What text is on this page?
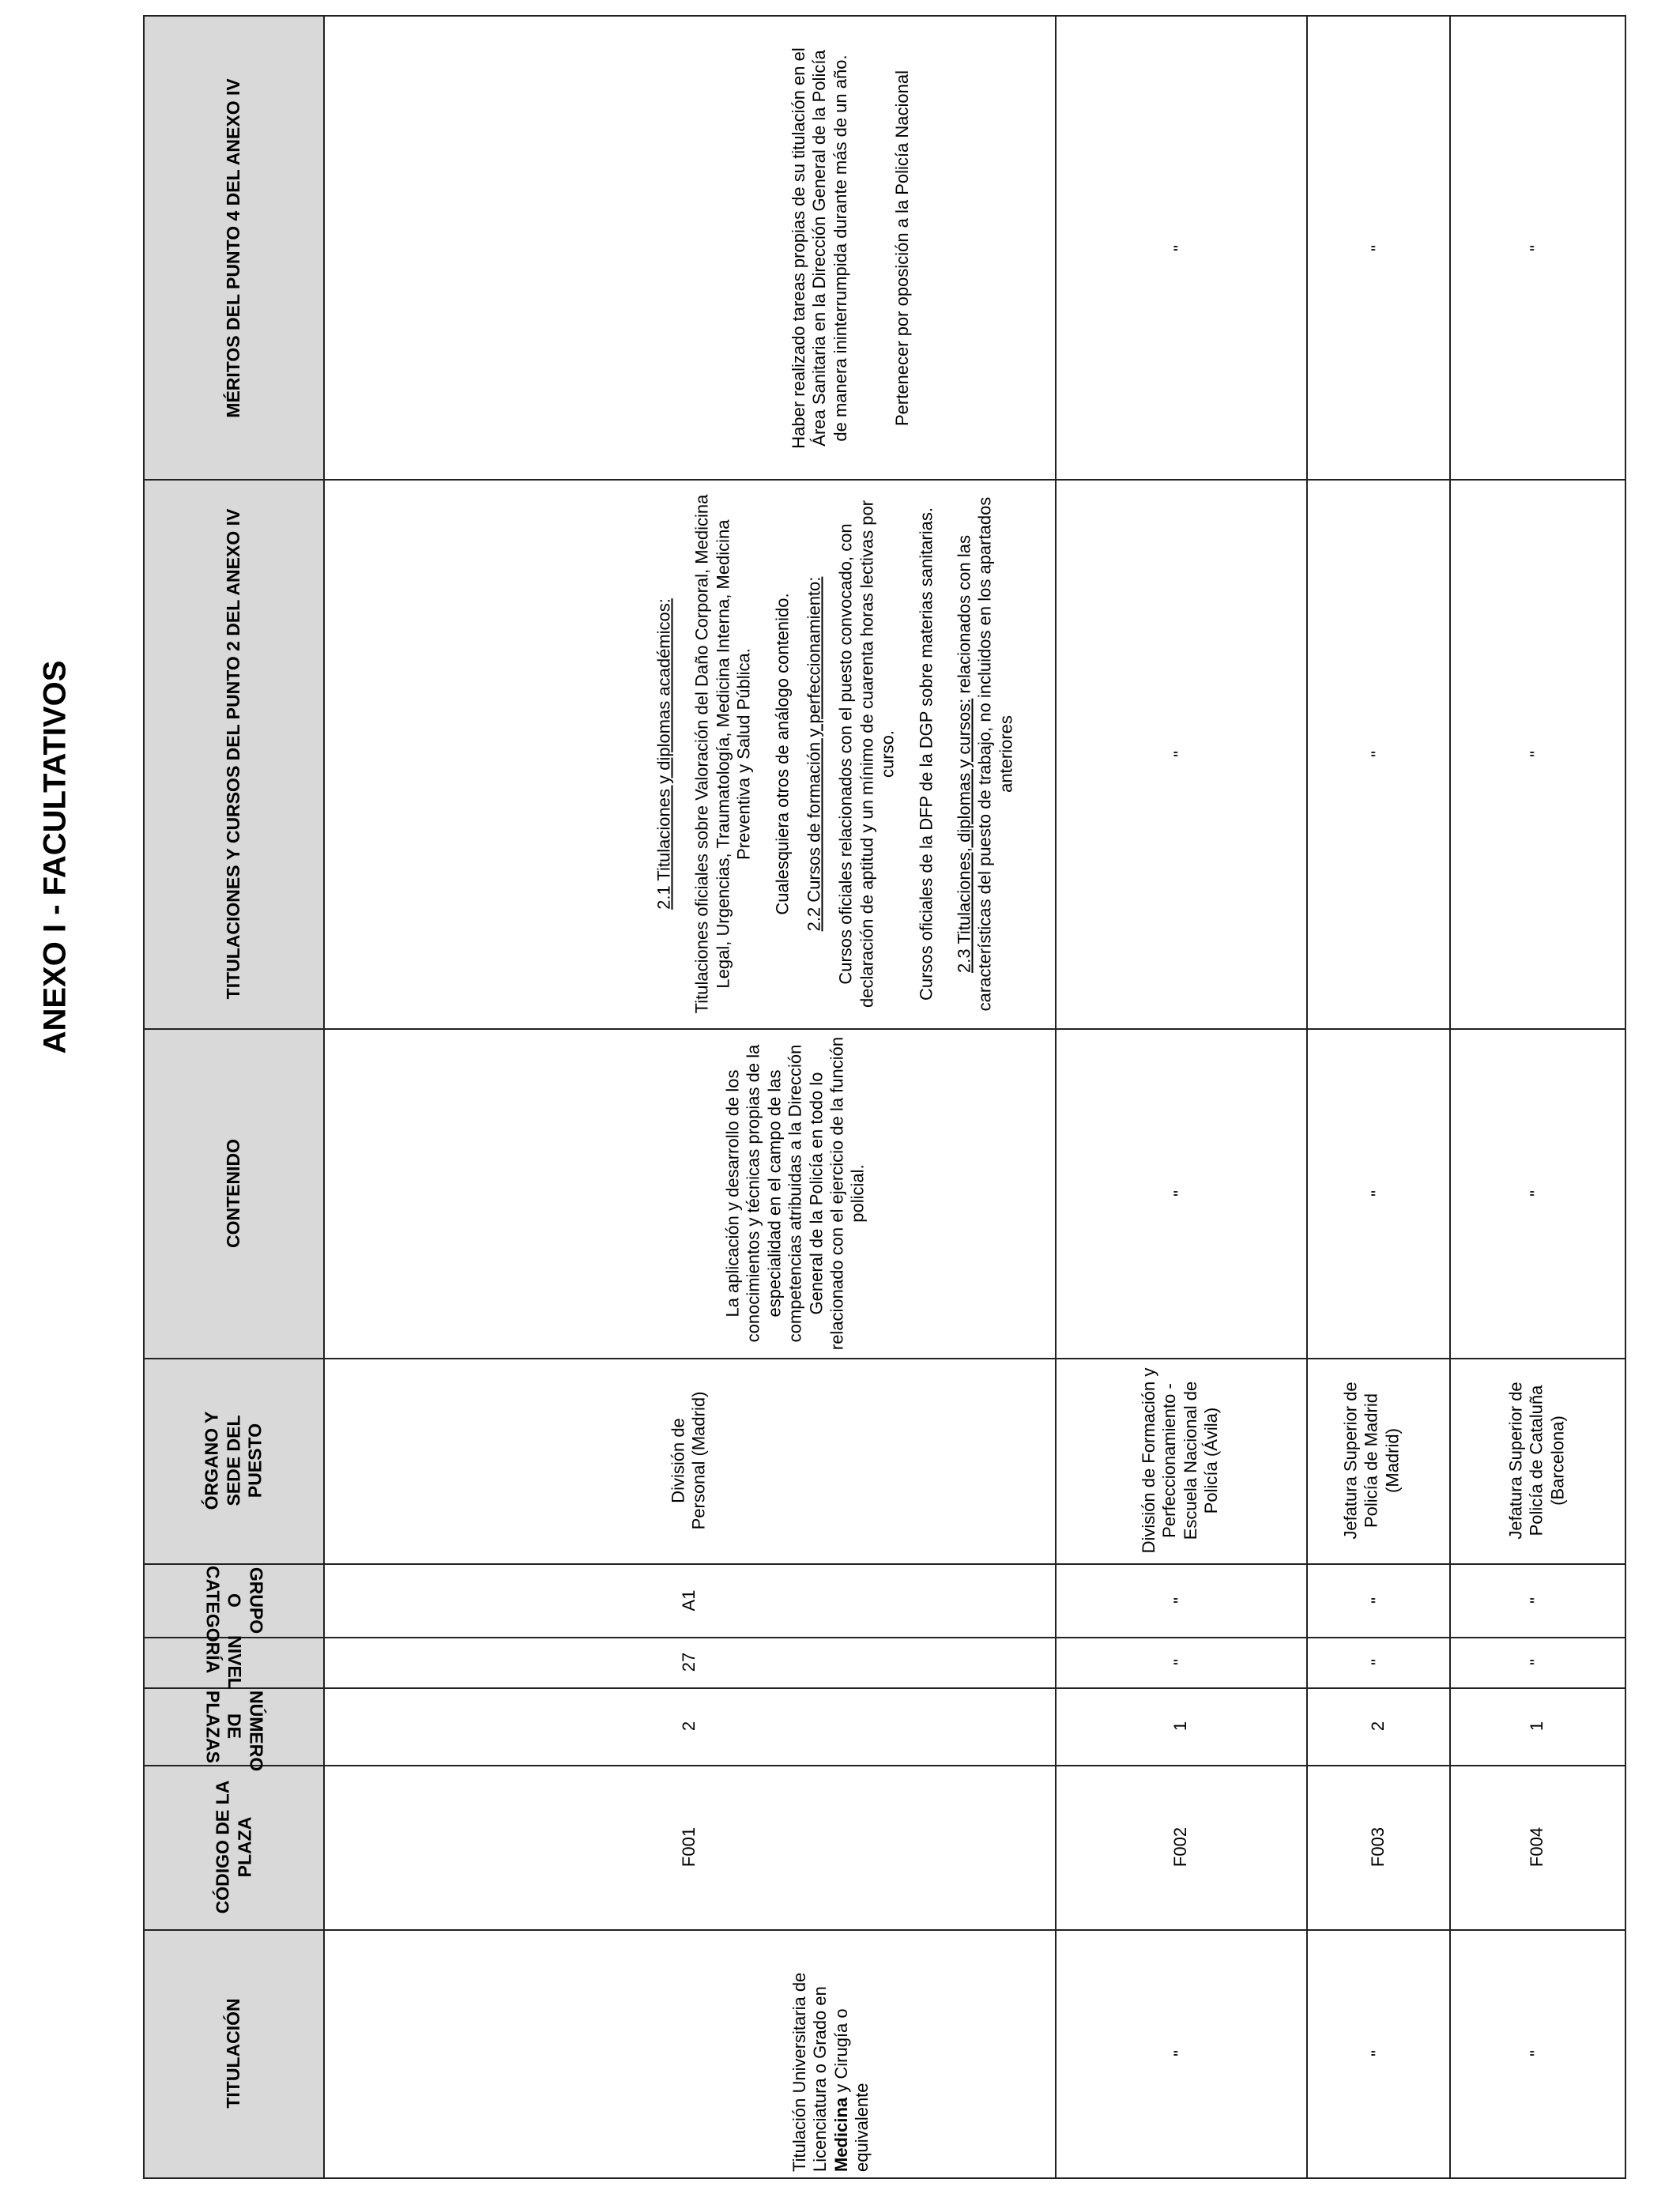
ANEXO I - FACULTATIVOS
MÉRITOS DEL PUNTO 4 DEL ANEXO IV
TITULACIONES Y CURSOS DEL PUNTO 2 DEL ANEXO IV
CONTENIDO
ÓRGANO Y SEDE DEL PUESTO
GRUPO O CATEGORÍA NIVEL
NÚMERO DE PLAZAS
CÓDIGO DE LA PLAZA
TITULACIÓN

Haber realizado tareas propias de su titulación en el Área Sanitaria en la Dirección General de la Policía de manera ininterrumpida durante más de un año. Pertenecer por oposición a la Policía Nacional

2.1 Titulaciones y diplomas académicos: Titulaciones oficiales sobre Valoración del Daño Corporal, Medicina Legal, Urgencias, Traumatología, Medicina Interna, Medicina Preventiva y Salud Pública. Cualesquiera otros de análogo contenido. 2.2 Cursos de formación y perfeccionamiento: Cursos oficiales relacionados con el puesto convocado, con declaración de aptitud y un mínimo de cuarenta horas lectivas por curso. Cursos oficiales de la DFP de la DGP sobre materias sanitarias. 2.3 Titulaciones, diplomas y cursos: relacionados con las características del puesto de trabajo, no incluidos en los apartados anteriores

La aplicación y desarrollo de los conocimientos y técnicas propias de la especialidad en el campo de las competencias atribuidas a la Dirección General de la Policía en todo lo relacionado con el ejercicio de la función policial.
División de Personal (Madrid)
A1
27
2
F001
Titulación Universitaria de Licenciatura o Grado en Medicina y Cirugía o equivalente
"
"
"
División de Formación y Perfeccionamiento - Escuela Nacional de Policía (Ávila)
"
"
1
F002
"
"
"
"
Jefatura Superior de Policía de Madrid (Madrid)
"
"
2
F003
"
"
"
"
Jefatura Superior de Policía de Cataluña (Barcelona)
"
"
1
F004
"
